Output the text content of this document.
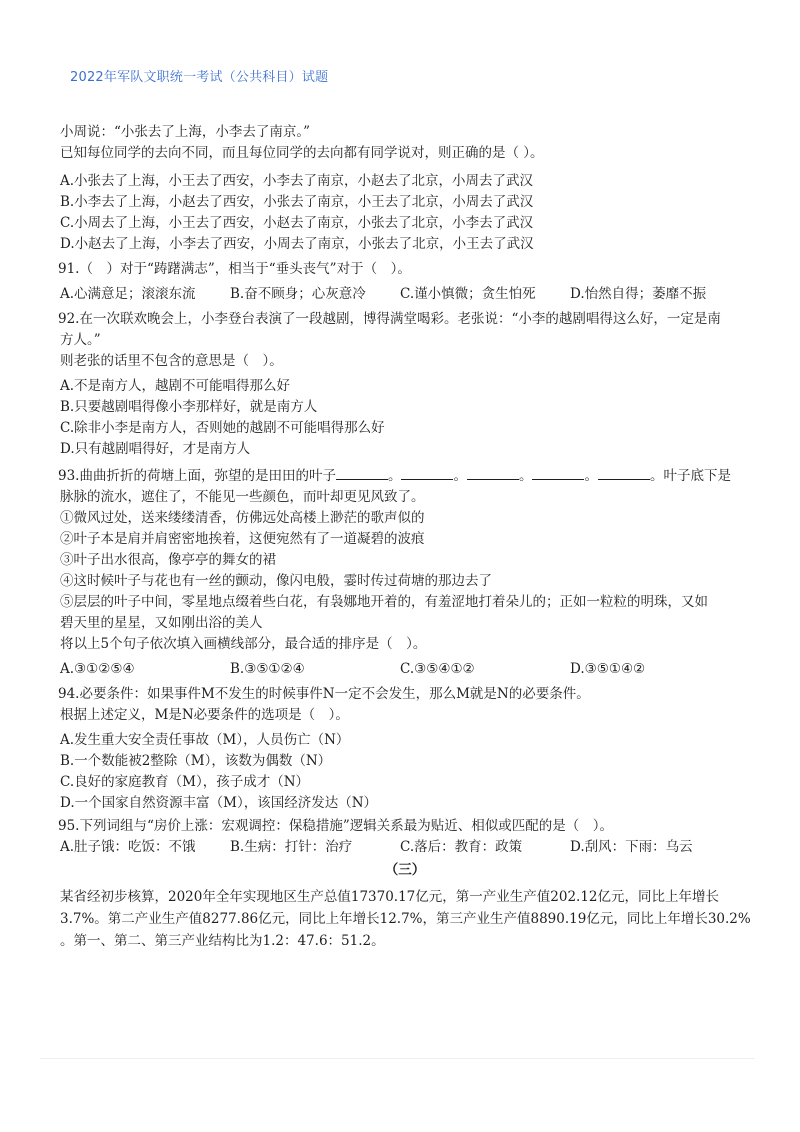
2022年军队文职统一考试（公共科目）试题
小周说：“小张去了上海，小李去了南京。”
已知每位同学的去向不同，而且每位同学的去向都有同学说对，则正确的是（ ）。
A.小张去了上海，小王去了西安，小李去了南京，小赵去了北京，小周去了武汉
B.小李去了上海，小赵去了西安，小张去了南京，小王去了北京，小周去了武汉
C.小周去了上海，小王去了西安，小赵去了南京，小张去了北京，小李去了武汉
D.小赵去了上海，小李去了西安，小周去了南京，小张去了北京，小王去了武汉
91.（　）对于“踌躇满志”，相当于“垂头丧气”对于（　）。
A.心满意足；滚滚东流	B.奋不顾身；心灰意冷	C.谨小慎微；贪生怕死	D.怡然自得；萎靡不振
92.在一次联欢晚会上，小李登台表演了一段越剧，博得满堂喝彩。老张说：“小李的越剧唱得这么好，一定是南
方人。”
则老张的话里不包含的意思是（　）。
A.不是南方人，越剧不可能唱得那么好
B.只要越剧唱得像小李那样好，就是南方人
C.除非小李是南方人，否则她的越剧不可能唱得那么好
D.只有越剧唱得好，才是南方人
93.曲曲折折的荷塘上面，弥望的是田田的叶子	。	。	。	。	。叶子底下是
脉脉的流水，遮住了，不能见一些颜色，而叶却更见风致了。
①微风过处，送来缕缕清香，仿佛远处高楼上渺茫的歌声似的
②叶子本是肩并肩密密地挨着，这便宛然有了一道凝碧的波痕
③叶子出水很高，像亭亭的舞女的裙
④这时候叶子与花也有一丝的颤动，像闪电般，霎时传过荷塘的那边去了
⑤层层的叶子中间，零星地点缀着些白花，有袅娜地开着的，有羞涩地打着朵儿的；正如一粒粒的明珠，又如
碧天里的星星，又如刚出浴的美人
将以上5个句子依次填入画横线部分，最合适的排序是（　）。
A.③①②⑤④	B.③⑤①②④	C.③⑤④①②	D.③⑤①④②
94.必要条件：如果事件M不发生的时候事件N一定不会发生，那么M就是N的必要条件。
根据上述定义，M是N必要条件的选项是（　）。
A.发生重大安全责任事故（M），人员伤亡（N）
B.一个数能被2整除（M），该数为偶数（N）
C.良好的家庭教育（M），孩子成才（N）
D.一个国家自然资源丰富（M），该国经济发达（N）
95.下列词组与“房价上涨：宏观调控：保稳措施”逻辑关系最为贴近、相似或匹配的是（　）。
A.肚子饿：吃饭：不饿	B.生病：打针：治疗	C.落后：教育：政策	D.刮风：下雨：乌云
（三）
某省经初步核算，2020年全年实现地区生产总值17370.17亿元，第一产业生产值202.12亿元，同比上年增长
3.7%。第二产业生产值8277.86亿元，同比上年增长12.7%，第三产业生产值8890.19亿元，同比上年增长30.2%
。第一、第二、第三产业结构比为1.2：47.6：51.2。
